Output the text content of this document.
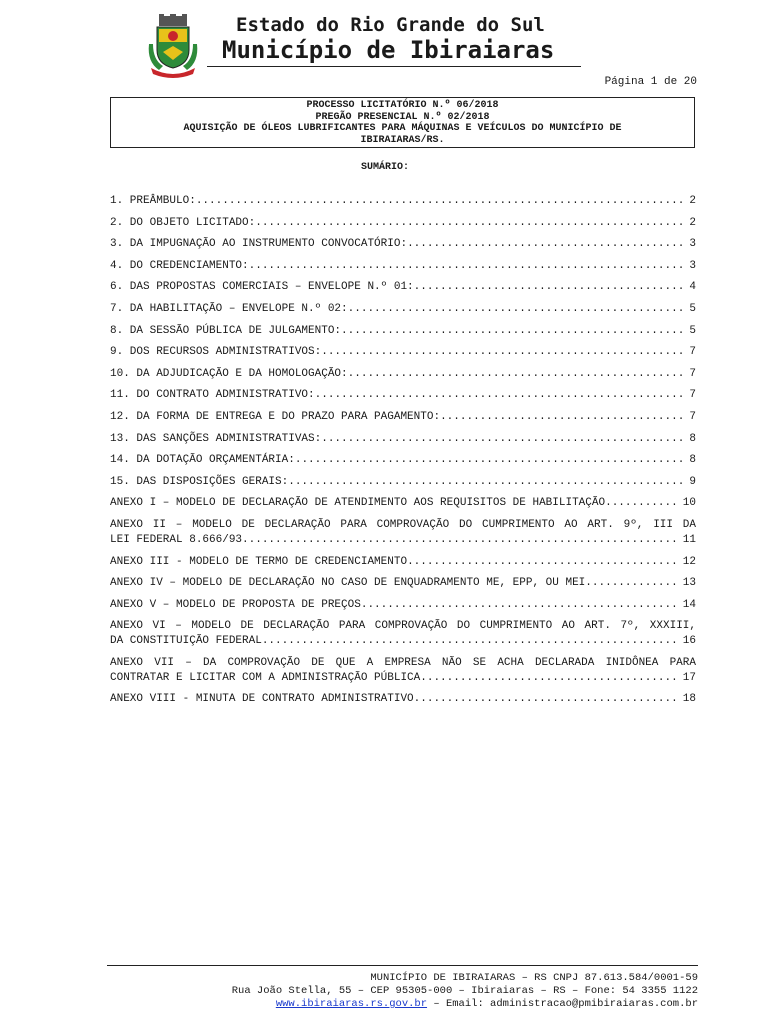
Estado do Rio Grande do Sul
Município de Ibiraiaras
Página 1 de 20
PROCESSO LICITATÓRIO N.º 06/2018
PREGÃO PRESENCIAL N.º 02/2018
AQUISIÇÃO DE ÓLEOS LUBRIFICANTES PARA MÁQUINAS E VEÍCULOS DO MUNICÍPIO DE
IBIRAIARAS/RS.
SUMÁRIO:
1. PREÂMBULO: .....	2
2. DO OBJETO LICITADO: .....	2
3. DA IMPUGNAÇÃO AO INSTRUMENTO CONVOCATÓRIO: .....	3
4. DO CREDENCIAMENTO: .....	3
6. DAS PROPOSTAS COMERCIAIS – ENVELOPE N.º 01: .....	4
7. DA HABILITAÇÃO – ENVELOPE N.º 02: .....	5
8. DA SESSÃO PÚBLICA DE JULGAMENTO: .....	5
9. DOS RECURSOS ADMINISTRATIVOS: .....	7
10. DA ADJUDICAÇÃO E DA HOMOLOGAÇÃO: .....	7
11. DO CONTRATO ADMINISTRATIVO: .....	7
12. DA FORMA DE ENTREGA E DO PRAZO PARA PAGAMENTO: .....	7
13. DAS SANÇÕES ADMINISTRATIVAS: .....	8
14. DA DOTAÇÃO ORÇAMENTÁRIA: .....	8
15. DAS DISPOSIÇÕES GERAIS: .....	9
ANEXO I – MODELO DE DECLARAÇÃO DE ATENDIMENTO AOS REQUISITOS DE HABILITAÇÃO .....	10
ANEXO II – MODELO DE DECLARAÇÃO PARA COMPROVAÇÃO DO CUMPRIMENTO AO ART. 9º, III DA
LEI FEDERAL 8.666/93. .....	11
ANEXO III - MODELO DE TERMO DE CREDENCIAMENTO .....	12
ANEXO IV – MODELO DE DECLARAÇÃO NO CASO DE ENQUADRAMENTO ME, EPP, OU MEI. .....	13
ANEXO V – MODELO DE PROPOSTA DE PREÇOS .....	14
ANEXO VI – MODELO DE DECLARAÇÃO PARA COMPROVAÇÃO DO CUMPRIMENTO AO ART. 7º, XXXIII,
DA CONSTITUIÇÃO FEDERAL .....	16
ANEXO VII – DA COMPROVAÇÃO DE QUE A EMPRESA NÃO SE ACHA DECLARADA INIDÔNEA PARA
CONTRATAR E LICITAR COM A ADMINISTRAÇÃO PÚBLICA. .....	17
ANEXO VIII - MINUTA DE CONTRATO ADMINISTRATIVO .....	18
MUNICÍPIO DE IBIRAIARAS – RS CNPJ 87.613.584/0001-59
Rua João Stella, 55 – CEP 95305-000 – Ibiraiaras – RS – Fone: 54 3355 1122
www.ibiraiaras.rs.gov.br – Email: administracao@pmibiraiaras.com.br
